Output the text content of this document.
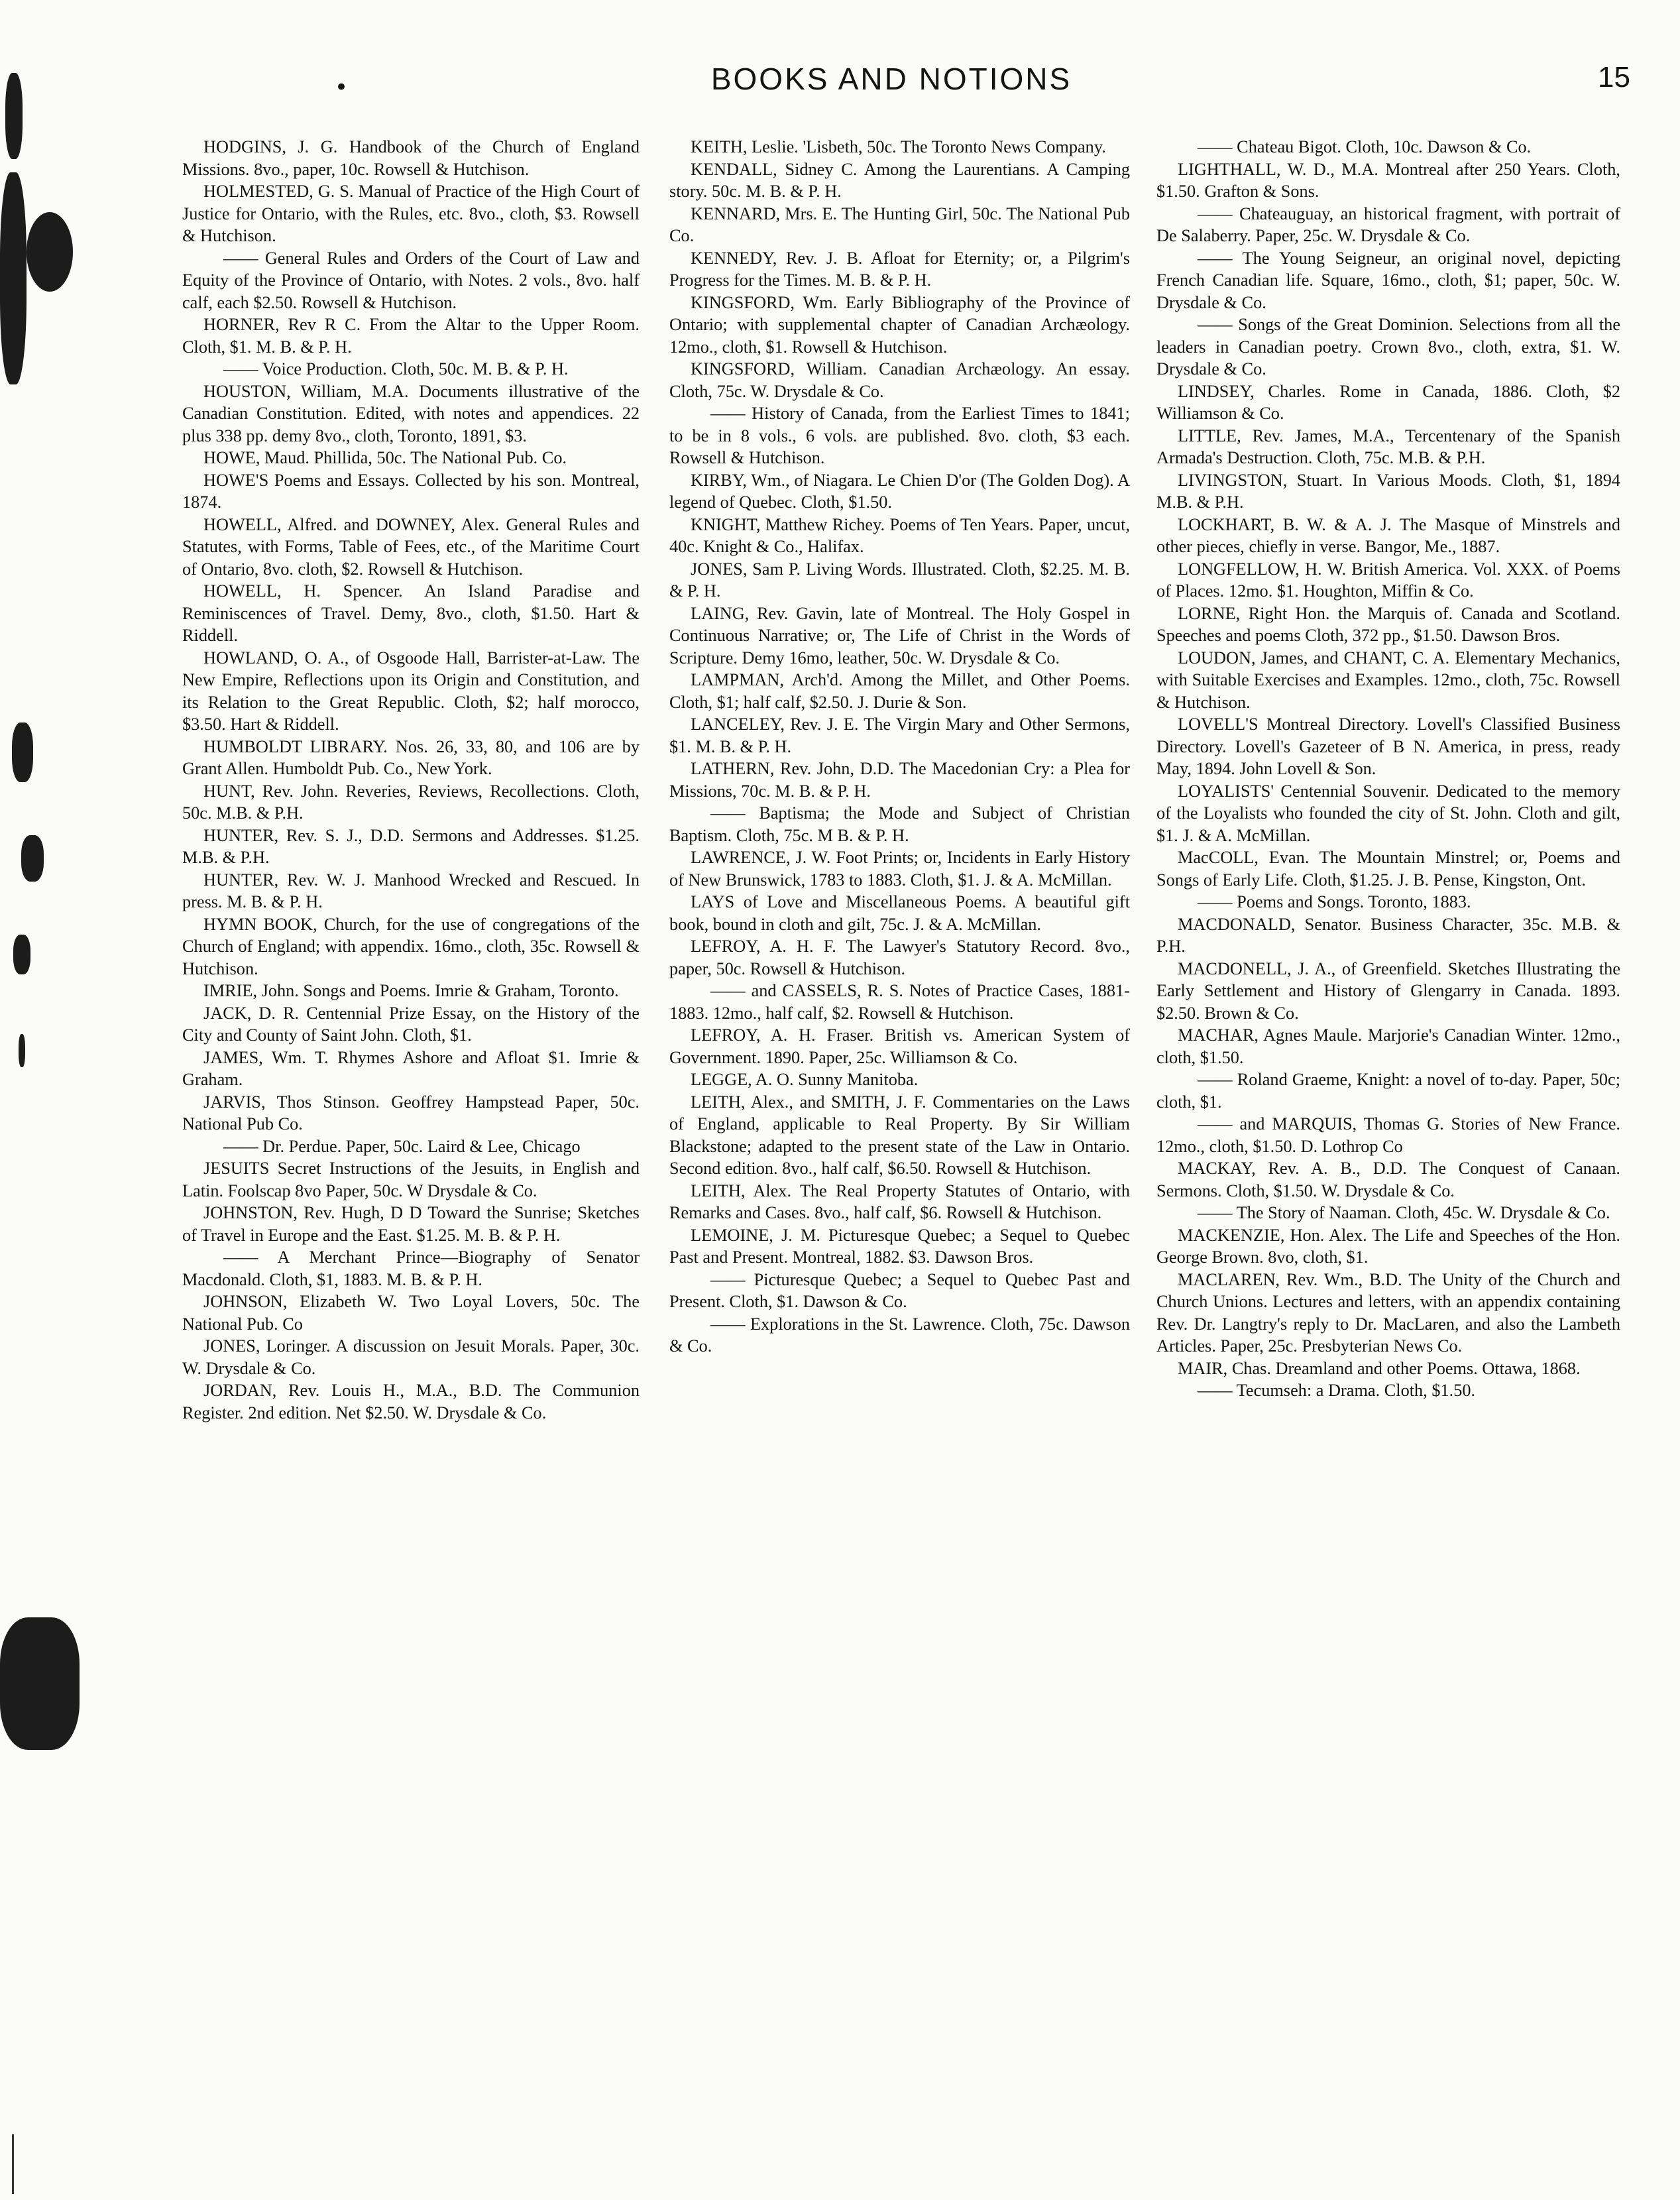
•	BOOKS AND NOTIONS	15

HODGINS, J. G. Handbook of the Church of England Missions. 8vo., paper, 10c. Rowsell & Hutchison.

HOLMESTED, G. S. Manual of Practice of the High Court of Justice for Ontario, with the Rules, etc. 8vo., cloth, $3. Rowsell & Hutchison.

—— General Rules and Orders of the Court of Law and Equity of the Province of Ontario, with Notes. 2 vols., 8vo. half calf, each $2.50. Rowsell & Hutchison.

HORNER, Rev R C. From the Altar to the Upper Room. Cloth, $1. M. B. & P. H.

—— Voice Production. Cloth, 50c. M. B. & P. H.

HOUSTON, William, M.A. Documents illustrative of the Canadian Constitution. Edited, with notes and appendices. 22 plus 338 pp. demy 8vo., cloth, Toronto, 1891, $3.

HOWE, Maud. Phillida, 50c. The National Pub. Co.

HOWE'S Poems and Essays. Collected by his son. Montreal, 1874.

HOWELL, Alfred. and DOWNEY, Alex. General Rules and Statutes, with Forms, Table of Fees, etc., of the Maritime Court of Ontario, 8vo. cloth, $2. Rowsell & Hutchison.

HOWELL, H. Spencer. An Island Paradise and Reminiscences of Travel. Demy, 8vo., cloth, $1.50. Hart & Riddell.

HOWLAND, O. A., of Osgoode Hall, Barrister-at-Law. The New Empire, Reflections upon its Origin and Constitution, and its Relation to the Great Republic. Cloth, $2; half morocco, $3.50. Hart & Riddell.

HUMBOLDT LIBRARY. Nos. 26, 33, 80, and 106 are by Grant Allen. Humboldt Pub. Co., New York.

HUNT, Rev. John. Reveries, Reviews, Recollections. Cloth, 50c. M.B. & P.H.

HUNTER, Rev. S. J., D.D. Sermons and Addresses. $1.25. M.B. & P.H.

HUNTER, Rev. W. J. Manhood Wrecked and Rescued. In press. M. B. & P. H.

HYMN BOOK, Church, for the use of congregations of the Church of England; with appendix. 16mo., cloth, 35c. Rowsell & Hutchison.

IMRIE, John. Songs and Poems. Imrie & Graham, Toronto.

JACK, D. R. Centennial Prize Essay, on the History of the City and County of Saint John. Cloth, $1.

JAMES, Wm. T. Rhymes Ashore and Afloat $1. Imrie & Graham.

JARVIS, Thos Stinson. Geoffrey Hampstead Paper, 50c. National Pub Co.

—— Dr. Perdue. Paper, 50c. Laird & Lee, Chicago

JESUITS Secret Instructions of the Jesuits, in English and Latin. Foolscap 8vo Paper, 50c. W Drysdale & Co.

JOHNSTON, Rev. Hugh, D D Toward the Sunrise; Sketches of Travel in Europe and the East. $1.25. M. B. & P. H.

—— A Merchant Prince—Biography of Senator Macdonald. Cloth, $1, 1883. M. B. & P. H.

JOHNSON, Elizabeth W. Two Loyal Lovers, 50c. The National Pub. Co

JONES, Loringer. A discussion on Jesuit Morals. Paper, 30c. W. Drysdale & Co.

JORDAN, Rev. Louis H., M.A., B.D. The Communion Register. 2nd edition. Net $2.50. W. Drysdale & Co.

KEITH, Leslie. 'Lisbeth, 50c. The Toronto News Company.

KENDALL, Sidney C. Among the Laurentians. A Camping story. 50c. M. B. & P. H.

KENNARD, Mrs. E. The Hunting Girl, 50c. The National Pub Co.

KENNEDY, Rev. J. B. Afloat for Eternity; or, a Pilgrim's Progress for the Times. M. B. & P. H.

KINGSFORD, Wm. Early Bibliography of the Province of Ontario; with supplemental chapter of Canadian Archæology. 12mo., cloth, $1. Rowsell & Hutchison.

KINGSFORD, William. Canadian Archæology. An essay. Cloth, 75c. W. Drysdale & Co.

—— History of Canada, from the Earliest Times to 1841; to be in 8 vols., 6 vols. are published. 8vo. cloth, $3 each. Rowsell & Hutchison.

KIRBY, Wm., of Niagara. Le Chien D'or (The Golden Dog). A legend of Quebec. Cloth, $1.50.

KNIGHT, Matthew Richey. Poems of Ten Years. Paper, uncut, 40c. Knight & Co., Halifax.

JONES, Sam P. Living Words. Illustrated. Cloth, $2.25. M. B. & P. H.

LAING, Rev. Gavin, late of Montreal. The Holy Gospel in Continuous Narrative; or, The Life of Christ in the Words of Scripture. Demy 16mo, leather, 50c. W. Drysdale & Co.

LAMPMAN, Arch'd. Among the Millet, and Other Poems. Cloth, $1; half calf, $2.50. J. Durie & Son.

LANCELEY, Rev. J. E. The Virgin Mary and Other Sermons, $1. M. B. & P. H.

LATHERN, Rev. John, D.D. The Macedonian Cry: a Plea for Missions, 70c. M. B. & P. H.

—— Baptisma; the Mode and Subject of Christian Baptism. Cloth, 75c. M B. & P. H.

LAWRENCE, J. W. Foot Prints; or, Incidents in Early History of New Brunswick, 1783 to 1883. Cloth, $1. J. & A. McMillan.

LAYS of Love and Miscellaneous Poems. A beautiful gift book, bound in cloth and gilt, 75c. J. & A. McMillan.

LEFROY, A. H. F. The Lawyer's Statutory Record. 8vo., paper, 50c. Rowsell & Hutchison.

—— and CASSELS, R. S. Notes of Practice Cases, 1881-1883. 12mo., half calf, $2. Rowsell & Hutchison.

LEFROY, A. H. Fraser. British vs. American System of Government. 1890. Paper, 25c. Williamson & Co.

LEGGE, A. O. Sunny Manitoba.

LEITH, Alex., and SMITH, J. F. Commentaries on the Laws of England, applicable to Real Property. By Sir William Blackstone; adapted to the present state of the Law in Ontario. Second edition. 8vo., half calf, $6.50. Rowsell & Hutchison.

LEITH, Alex. The Real Property Statutes of Ontario, with Remarks and Cases. 8vo., half calf, $6. Rowsell & Hutchison.

LEMOINE, J. M. Picturesque Quebec; a Sequel to Quebec Past and Present. Montreal, 1882. $3. Dawson Bros.

—— Picturesque Quebec; a Sequel to Quebec Past and Present. Cloth, $1. Dawson & Co.

—— Explorations in the St. Lawrence. Cloth, 75c. Dawson & Co.

—— Chateau Bigot. Cloth, 10c. Dawson & Co.

LIGHTHALL, W. D., M.A. Montreal after 250 Years. Cloth, $1.50. Grafton & Sons.

—— Chateauguay, an historical fragment, with portrait of De Salaberry. Paper, 25c. W. Drysdale & Co.

—— The Young Seigneur, an original novel, depicting French Canadian life. Square, 16mo., cloth, $1; paper, 50c. W. Drysdale & Co.

—— Songs of the Great Dominion. Selections from all the leaders in Canadian poetry. Crown 8vo., cloth, extra, $1. W. Drysdale & Co.

LINDSEY, Charles. Rome in Canada, 1886. Cloth, $2 Williamson & Co.

LITTLE, Rev. James, M.A., Tercentenary of the Spanish Armada's Destruction. Cloth, 75c. M.B. & P.H.

LIVINGSTON, Stuart. In Various Moods. Cloth, $1, 1894 M.B. & P.H.

LOCKHART, B. W. & A. J. The Masque of Minstrels and other pieces, chiefly in verse. Bangor, Me., 1887.

LONGFELLOW, H. W. British America. Vol. XXX. of Poems of Places. 12mo. $1. Houghton, Miffin & Co.

LORNE, Right Hon. the Marquis of. Canada and Scotland. Speeches and poems Cloth, 372 pp., $1.50. Dawson Bros.

LOUDON, James, and CHANT, C. A. Elementary Mechanics, with Suitable Exercises and Examples. 12mo., cloth, 75c. Rowsell & Hutchison.

LOVELL'S Montreal Directory. Lovell's Classified Business Directory. Lovell's Gazeteer of B N. America, in press, ready May, 1894. John Lovell & Son.

LOYALISTS' Centennial Souvenir. Dedicated to the memory of the Loyalists who founded the city of St. John. Cloth and gilt, $1. J. & A. McMillan.

MacCOLL, Evan. The Mountain Minstrel; or, Poems and Songs of Early Life. Cloth, $1.25. J. B. Pense, Kingston, Ont.

—— Poems and Songs. Toronto, 1883.

MACDONALD, Senator. Business Character, 35c. M.B. & P.H.

MACDONELL, J. A., of Greenfield. Sketches Illustrating the Early Settlement and History of Glengarry in Canada. 1893. $2.50. Brown & Co.

MACHAR, Agnes Maule. Marjorie's Canadian Winter. 12mo., cloth, $1.50.

—— Roland Graeme, Knight: a novel of to-day. Paper, 50c; cloth, $1.

—— and MARQUIS, Thomas G. Stories of New France. 12mo., cloth, $1.50. D. Lothrop Co

MACKAY, Rev. A. B., D.D. The Conquest of Canaan. Sermons. Cloth, $1.50. W. Drysdale & Co.

—— The Story of Naaman. Cloth, 45c. W. Drysdale & Co.

MACKENZIE, Hon. Alex. The Life and Speeches of the Hon. George Brown. 8vo, cloth, $1.

MACLAREN, Rev. Wm., B.D. The Unity of the Church and Church Unions. Lectures and letters, with an appendix containing Rev. Dr. Langtry's reply to Dr. MacLaren, and also the Lambeth Articles. Paper, 25c. Presbyterian News Co.

MAIR, Chas. Dreamland and other Poems. Ottawa, 1868.

—— Tecumseh: a Drama. Cloth, $1.50.
